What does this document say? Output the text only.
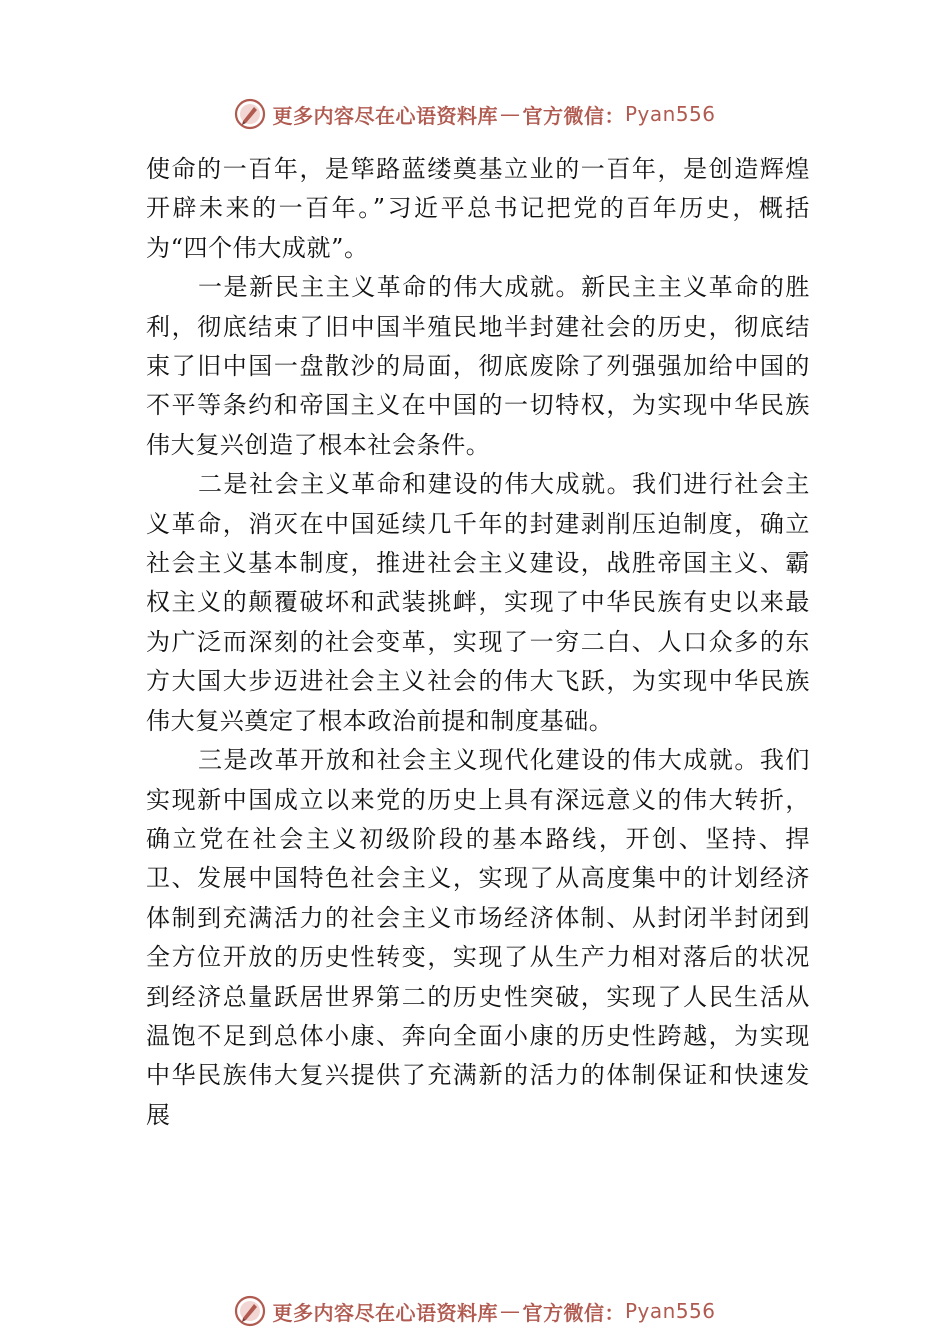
更多内容尽在心语资料库 — 官方微信： Pyan556

使命的一百年，是筚路蓝缕奠基立业的一百年，是创造辉煌开辟未来的一百年。”习近平总书记把党的百年历史，概括为“四个伟大成就”。

一是新民主主义革命的伟大成就。新民主主义革命的胜利，彻底结束了旧中国半殖民地半封建社会的历史，彻底结束了旧中国一盘散沙的局面，彻底废除了列强强加给中国的不平等条约和帝国主义在中国的一切特权，为实现中华民族伟大复兴创造了根本社会条件。

二是社会主义革命和建设的伟大成就。我们进行社会主义革命，消灭在中国延续几千年的封建剥削压迫制度，确立社会主义基本制度，推进社会主义建设，战胜帝国主义、霸权主义的颠覆破坏和武装挑衅，实现了中华民族有史以来最为广泛而深刻的社会变革，实现了一穷二白、人口众多的东方大国大步迈进社会主义社会的伟大飞跃，为实现中华民族伟大复兴奠定了根本政治前提和制度基础。

三是改革开放和社会主义现代化建设的伟大成就。我们实现新中国成立以来党的历史上具有深远意义的伟大转折，确立党在社会主义初级阶段的基本路线，开创、坚持、捍卫、发展中国特色社会主义，实现了从高度集中的计划经济体制到充满活力的社会主义市场经济体制、从封闭半封闭到全方位开放的历史性转变，实现了从生产力相对落后的状况到经济总量跃居世界第二的历史性突破，实现了人民生活从温饱不足到总体小康、奔向全面小康的历史性跨越，为实现中华民族伟大复兴提供了充满新的活力的体制保证和快速发展

更多内容尽在心语资料库 — 官方微信： Pyan556
